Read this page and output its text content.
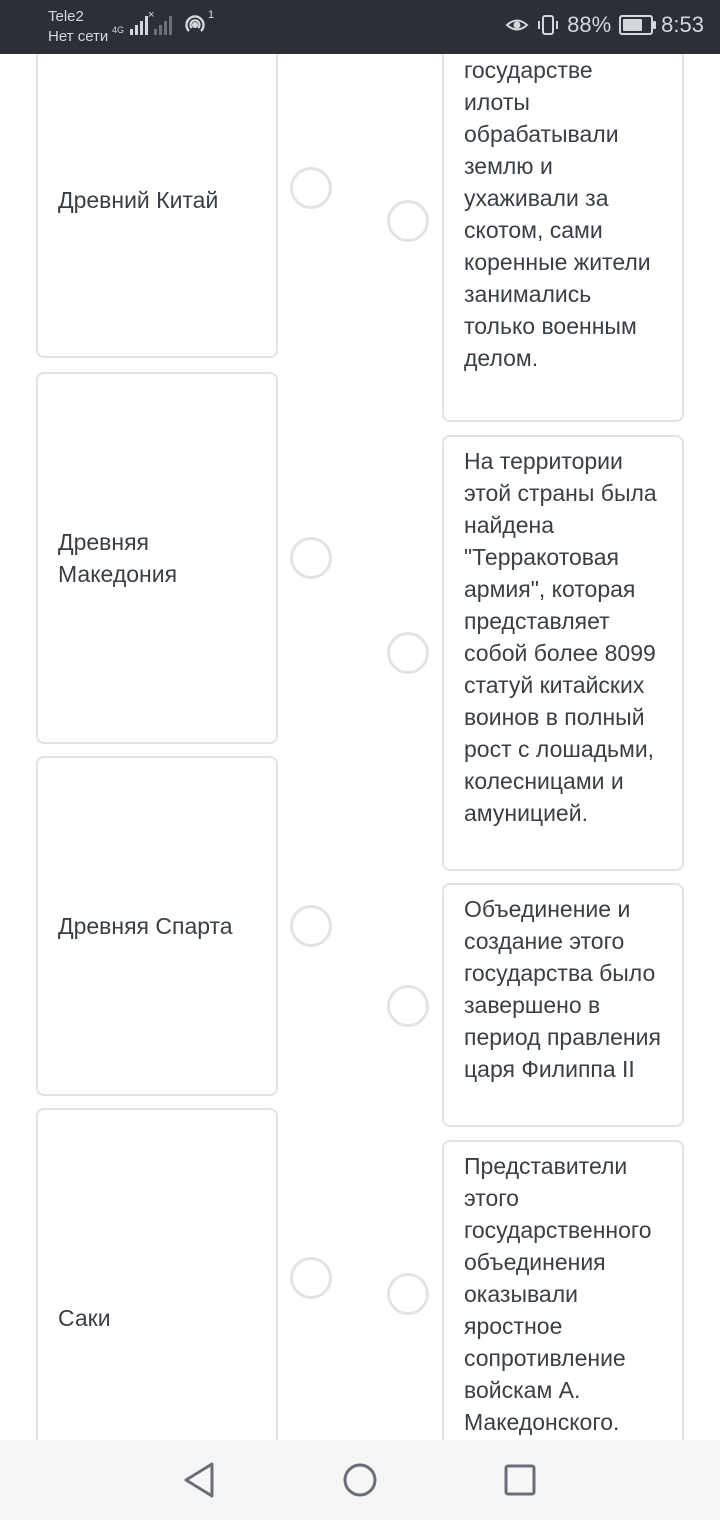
Tele2
Нет сети 4G
×	1	88% 8:53
Древний Китай
Древняя Македония
Древняя Спарта
Саки
государстве илоты обрабатывали землю и ухаживали за скотом, сами коренные жители занимались только военным делом.
На территории этой страны была найдена "Терракотовая армия", которая представляет собой более 8099 статуй китайских воинов в полный рост с лошадьми, колесницами и амуницией.
Объединение и создание этого государства было завершено в период правления царя Филиппа II
Представители этого государственного объединения оказывали яростное сопротивление войскам А. Македонского.
